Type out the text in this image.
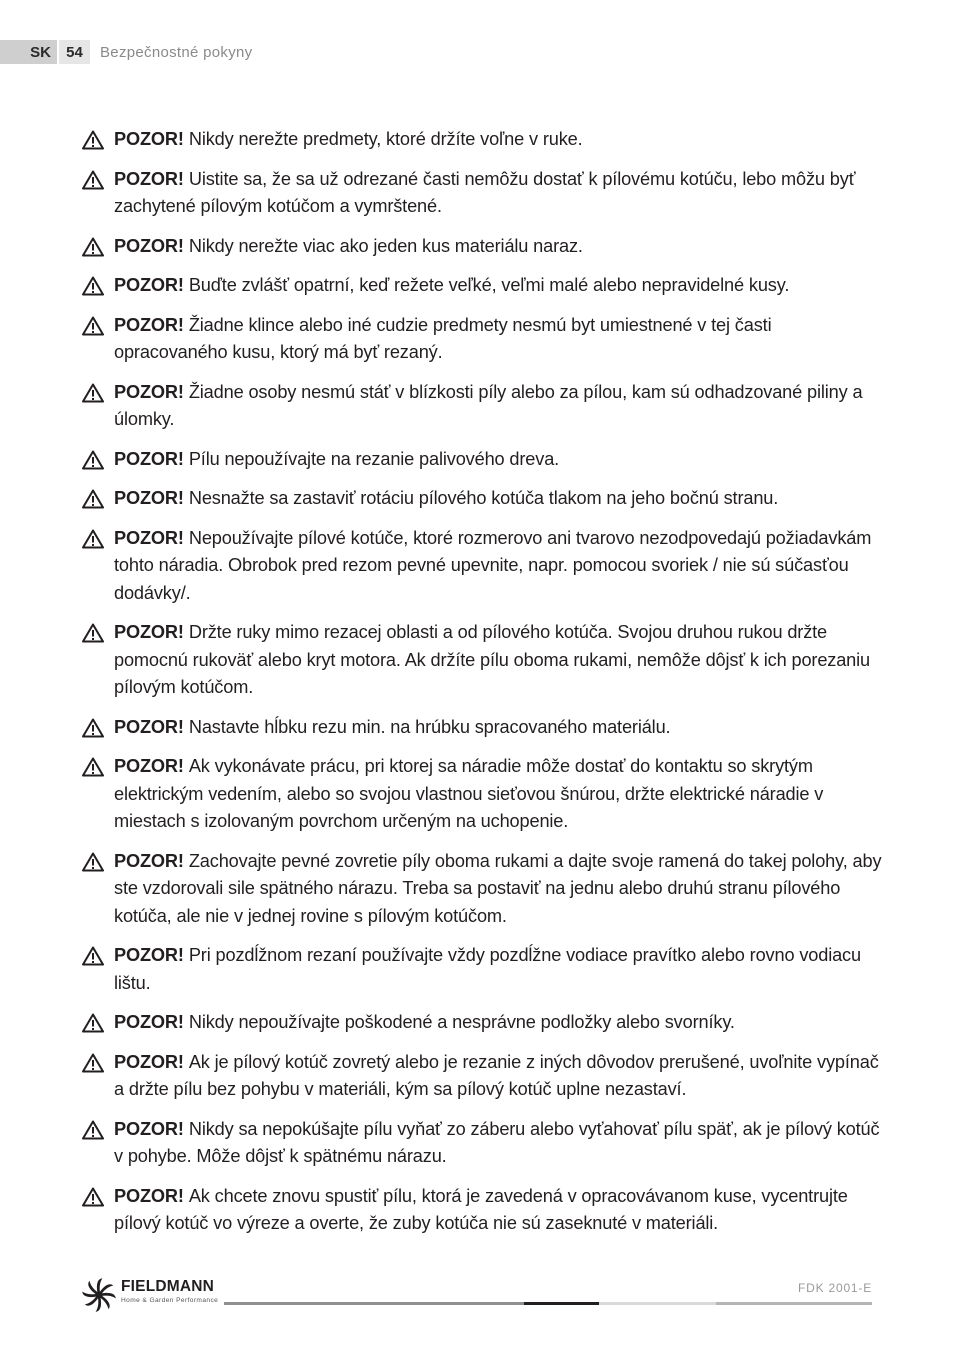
SK	54	Bezpečnostné pokyny
POZOR! Nikdy nerežte predmety, ktoré držíte voľne v ruke.
POZOR! Uistite sa, že sa už odrezané časti nemôžu dostať k pílovému kotúču, lebo môžu byť zachytené pílovým kotúčom a vymrštené.
POZOR! Nikdy nerežte viac ako jeden kus materiálu naraz.
POZOR! Buďte zvlášť opatrní, keď režete veľké, veľmi malé alebo nepravidelné kusy.
POZOR! Žiadne klince alebo iné cudzie predmety nesmú byt umiestnené v tej časti opracovaného kusu, ktorý má byť rezaný.
POZOR! Žiadne osoby nesmú stáť v blízkosti píly alebo za pílou, kam sú odhadzované piliny a úlomky.
POZOR! Pílu nepoužívajte na rezanie palivového dreva.
POZOR! Nesnažte sa zastaviť rotáciu pílového kotúča tlakom na jeho bočnú stranu.
POZOR! Nepoužívajte pílové kotúče, ktoré rozmerovo ani tvarovo nezodpovedajú požiadavkám tohto náradia. Obrobok pred rezom pevné upevnite, napr. pomocou svoriek / nie sú súčasťou dodávky/.
POZOR! Držte ruky mimo rezacej oblasti a od pílového kotúča. Svojou druhou rukou držte pomocnú rukoväť alebo kryt motora. Ak držíte pílu oboma rukami, nemôže dôjsť k ich porezaniu pílovým kotúčom.
POZOR! Nastavte hĺbku rezu min. na hrúbku spracovaného materiálu.
POZOR! Ak vykonávate prácu, pri ktorej sa náradie môže dostať do kontaktu so skrytým elektrickým vedením, alebo so svojou vlastnou sieťovou šnúrou, držte elektrické náradie v miestach s izolovaným povrchom určeným na uchopenie.
POZOR! Zachovajte pevné zovretie píly oboma rukami a dajte svoje ramená do takej polohy, aby ste vzdorovali sile spätného nárazu. Treba sa postaviť na jednu alebo druhú stranu pílového kotúča, ale nie v jednej rovine s pílovým kotúčom.
POZOR! Pri pozdĺžnom rezaní používajte vždy pozdĺžne vodiace pravítko alebo rovno vodiacu lištu.
POZOR! Nikdy nepoužívajte poškodené a nesprávne podložky alebo svorníky.
POZOR! Ak je pílový kotúč zovretý alebo je rezanie z iných dôvodov prerušené, uvoľnite vypínač a držte pílu bez pohybu v materiáli, kým sa pílový kotúč uplne nezastaví.
POZOR! Nikdy sa nepokúšajte pílu vyňať zo záberu alebo vyťahovať pílu späť, ak je pílový kotúč v pohybe. Môže dôjsť k spätnému nárazu.
POZOR! Ak chcete znovu spustiť pílu, ktorá je zavedená v opracovávanom kuse, vycentrujte pílový kotúč vo výreze a overte, že zuby kotúča nie sú zaseknuté v materiáli.
FIELDMANN
Home & Garden Performance
FDK 2001-E
